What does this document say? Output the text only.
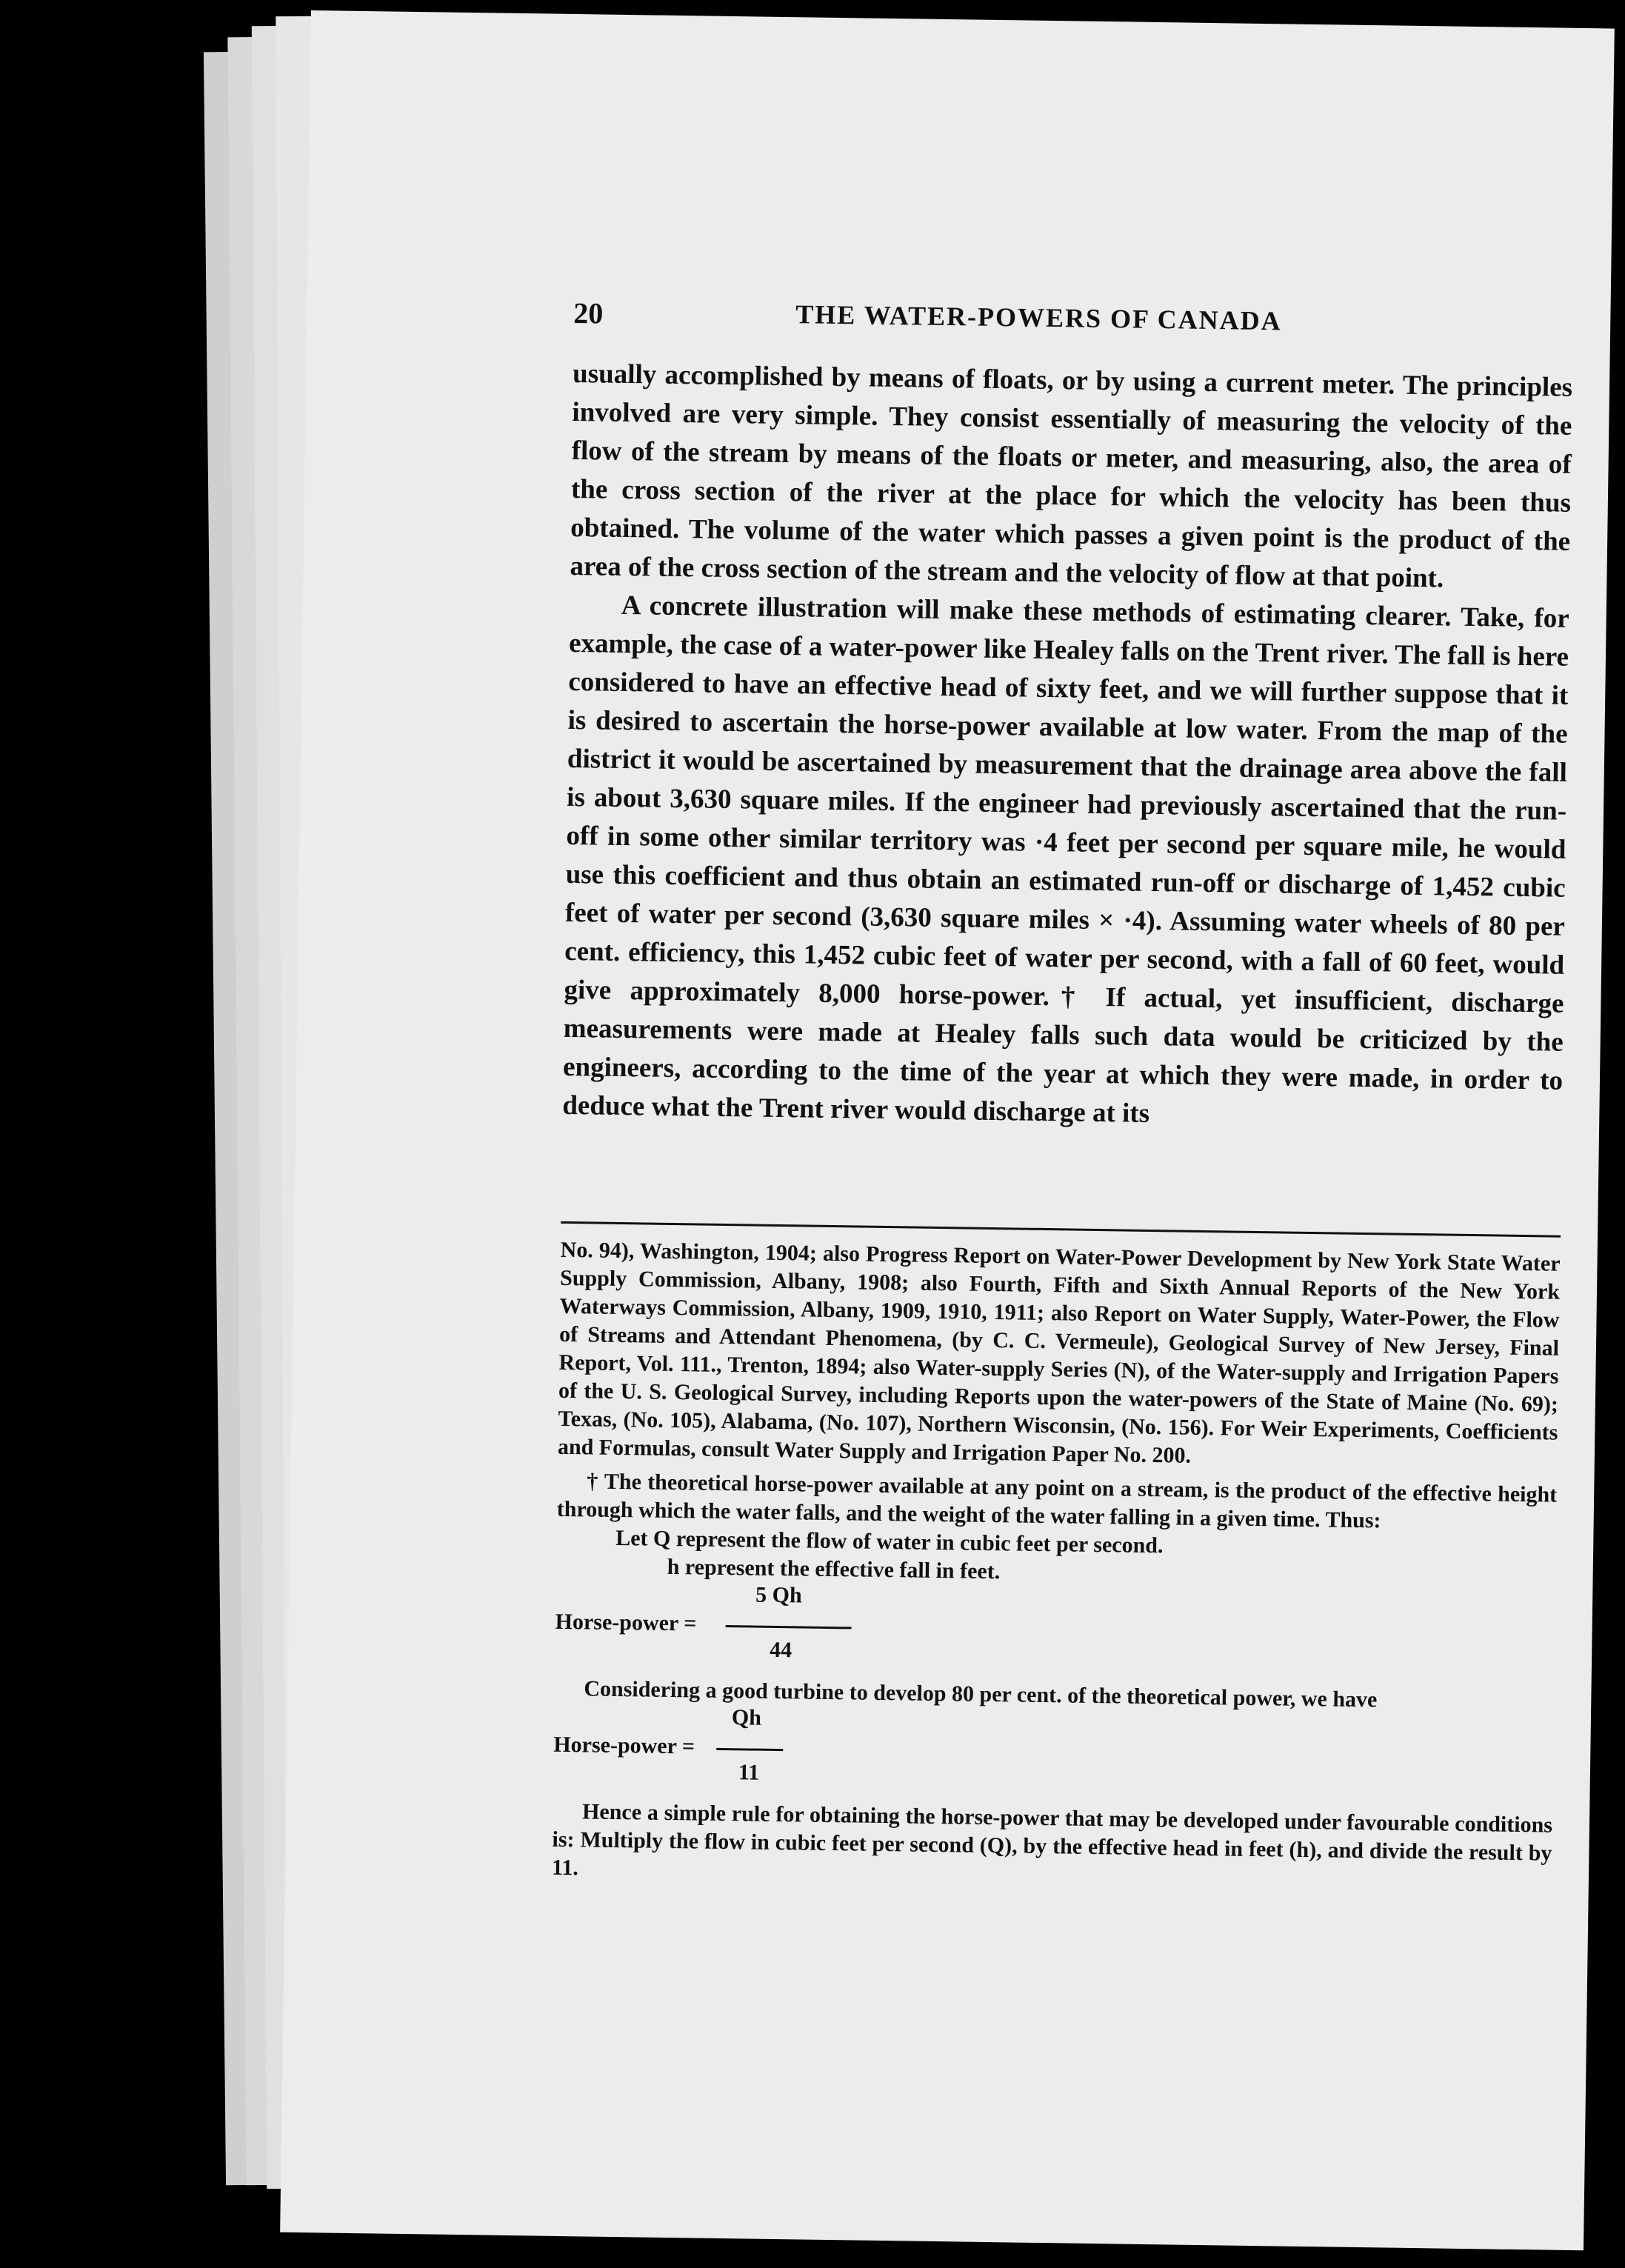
20	THE WATER-POWERS OF CANADA

usually accomplished by means of floats, or by using a current meter. The principles involved are very simple. They consist essentially of measuring the velocity of the flow of the stream by means of the floats or meter, and measuring, also, the area of the cross section of the river at the place for which the velocity has been thus obtained. The volume of the water which passes a given point is the product of the area of the cross section of the stream and the velocity of flow at that point.

A concrete illustration will make these methods of estimating clearer. Take, for example, the case of a water-power like Healey falls on the Trent river. The fall is here considered to have an effective head of sixty feet, and we will further suppose that it is desired to ascertain the horse-power available at low water. From the map of the district it would be ascertained by measurement that the drainage area above the fall is about 3,630 square miles. If the engineer had previously ascertained that the run-off in some other similar territory was ·4 feet per second per square mile, he would use this coefficient and thus obtain an estimated run-off or discharge of 1,452 cubic feet of water per second (3,630 square miles × ·4). Assuming water wheels of 80 per cent. efficiency, this 1,452 cubic feet of water per second, with a fall of 60 feet, would give approximately 8,000 horse-power.† If actual, yet insufficient, discharge measurements were made at Healey falls such data would be criticized by the engineers, according to the time of the year at which they were made, in order to deduce what the Trent river would discharge at its

No. 94), Washington, 1904; also Progress Report on Water-Power Development by New York State Water Supply Commission, Albany, 1908; also Fourth, Fifth and Sixth Annual Reports of the New York Waterways Commission, Albany, 1909, 1910, 1911; also Report on Water Supply, Water-Power, the Flow of Streams and Attendant Phenomena, (by C. C. Vermeule), Geological Survey of New Jersey, Final Report, Vol. 111., Trenton, 1894; also Water-supply Series (N), of the Water-supply and Irrigation Papers of the U. S. Geological Survey, including Reports upon the water-powers of the State of Maine (No. 69); Texas, (No. 105), Alabama, (No. 107), Northern Wisconsin, (No. 156). For Weir Experiments, Coefficients and Formulas, consult Water Supply and Irrigation Paper No. 200.

† The theoretical horse-power available at any point on a stream, is the product of the effective height through which the water falls, and the weight of the water falling in a given time. Thus:

Let Q represent the flow of water in cubic feet per second.
h represent the effective fall in feet.
Horse-power =
5 Qh
44

Considering a good turbine to develop 80 per cent. of the theoretical power, we have

Horse-power =
Qh
11

Hence a simple rule for obtaining the horse-power that may be developed under favourable conditions is: Multiply the flow in cubic feet per second (Q), by the effective head in feet (h), and divide the result by 11.
